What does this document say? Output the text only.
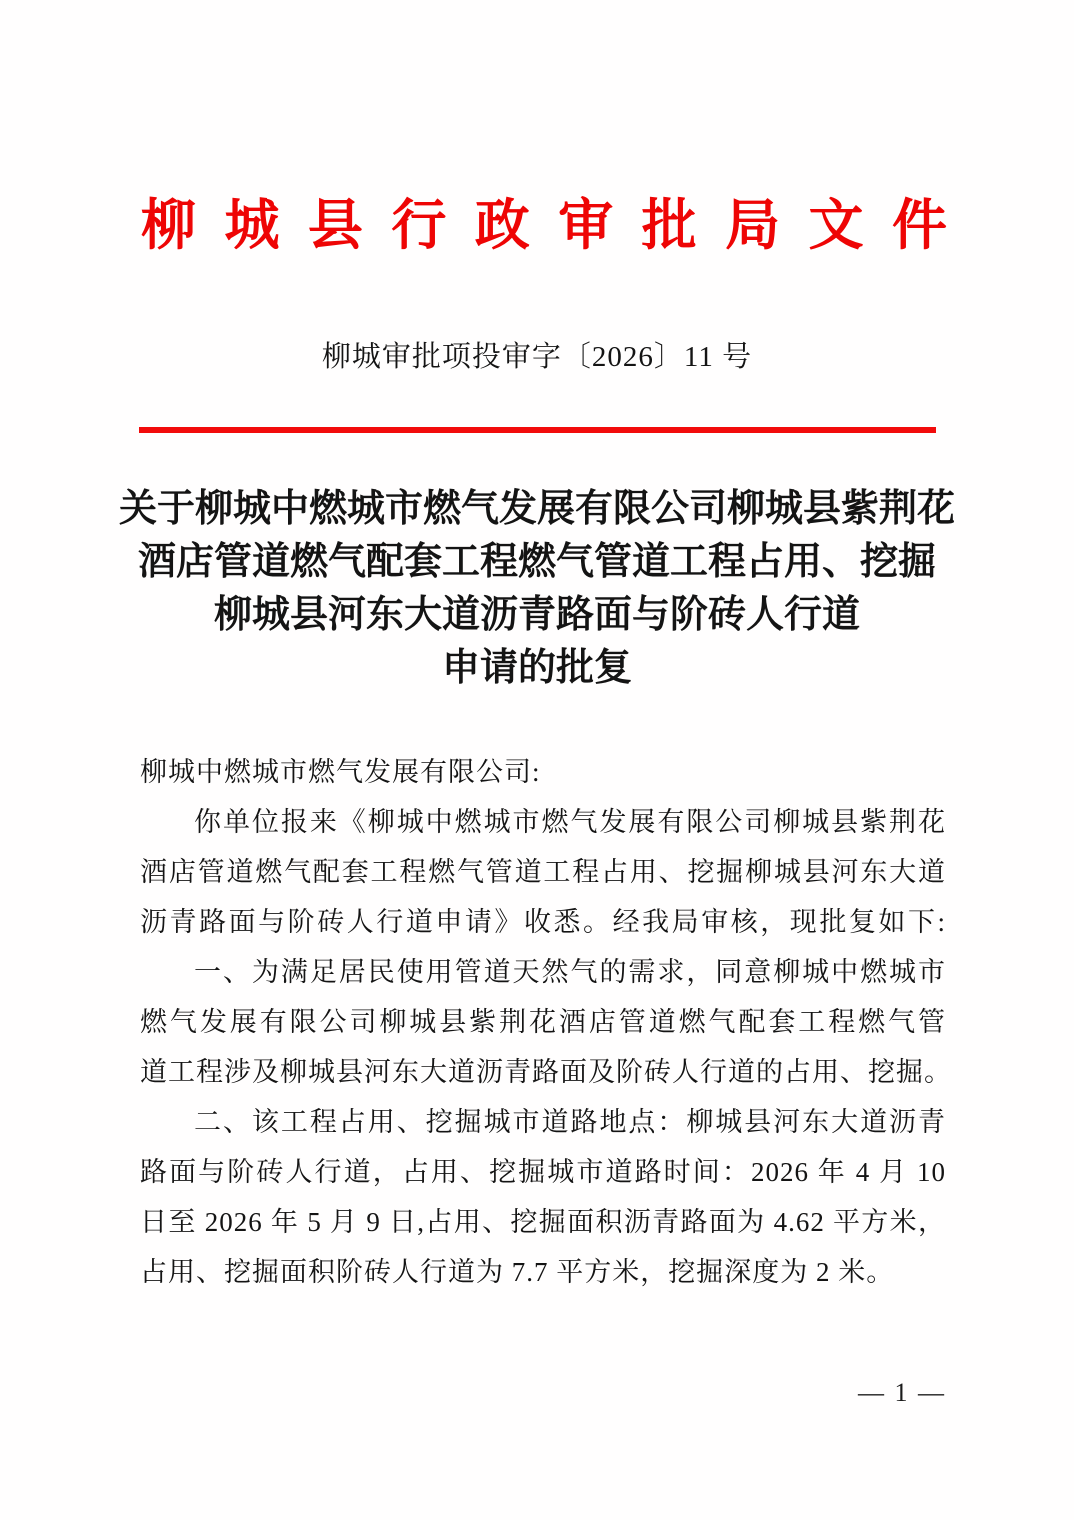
柳 城 县 行 政 审 批 局 文 件
柳城审批项投审字〔2026〕11 号
关于柳城中燃城市燃气发展有限公司柳城县紫荆花
酒店管道燃气配套工程燃气管道工程占用、挖掘
柳城县河东大道沥青路面与阶砖人行道
申请的批复
柳城中燃城市燃气发展有限公司:
你单位报来《柳城中燃城市燃气发展有限公司柳城县紫荆花
酒店管道燃气配套工程燃气管道工程占用、挖掘柳城县河东大道
沥青路面与阶砖人行道申请》收悉。经我局审核，现批复如下:
一、为满足居民使用管道天然气的需求，同意柳城中燃城市
燃气发展有限公司柳城县紫荆花酒店管道燃气配套工程燃气管
道工程涉及柳城县河东大道沥青路面及阶砖人行道的占用、挖掘。
二、该工程占用、挖掘城市道路地点：柳城县河东大道沥青
路面与阶砖人行道，占用、挖掘城市道路时间：2026 年 4 月 10
日至 2026 年 5 月 9 日,占用、挖掘面积沥青路面为 4.62 平方米，
占用、挖掘面积阶砖人行道为 7.7 平方米，挖掘深度为 2 米。
— 1 —
